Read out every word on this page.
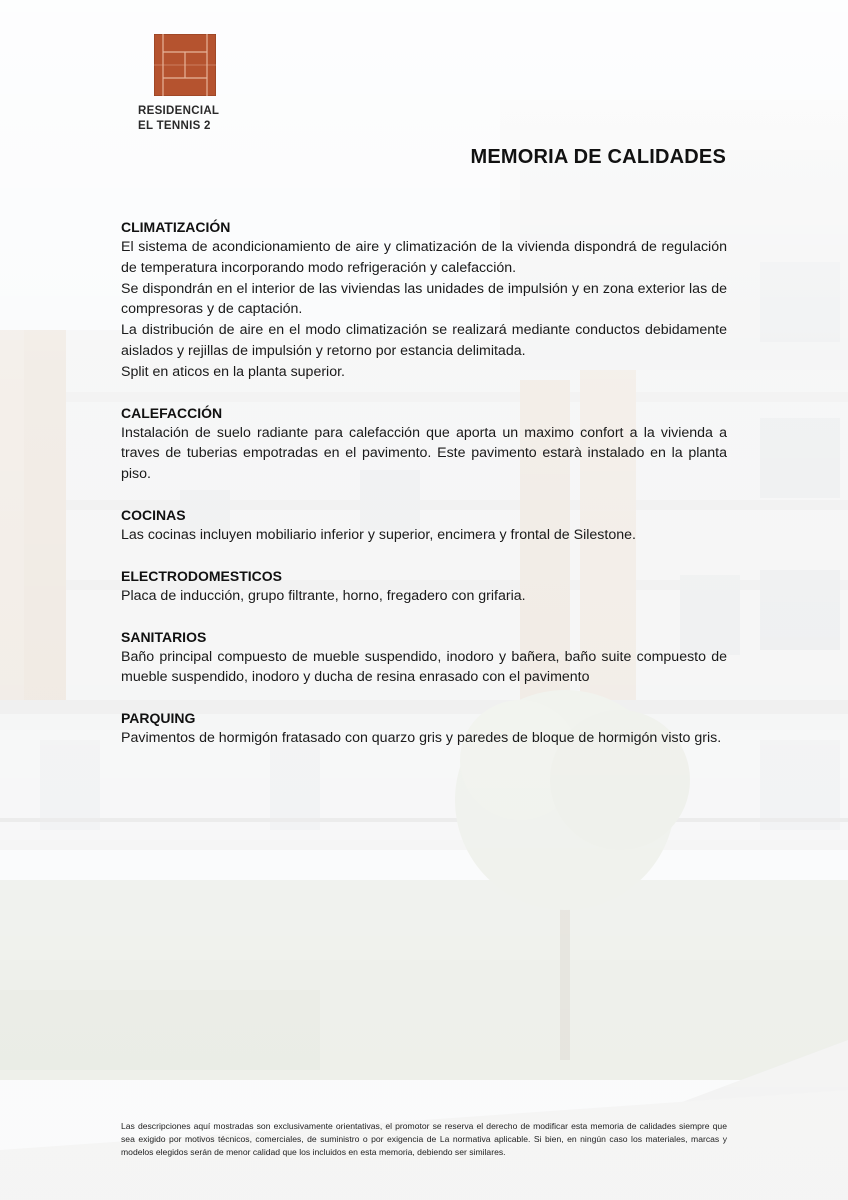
RESIDENCIAL
EL TENNIS 2
MEMORIA DE CALIDADES
CLIMATIZACIÓN

El sistema de acondicionamiento de aire y climatización de la vivienda dispondrá de regulación de temperatura incorporando modo refrigeración y calefacción.

Se dispondrán en el interior de las viviendas las unidades de impulsión y en zona exterior las de compresoras y de captación.

La distribución de aire en el modo climatización se realizará mediante conductos debidamente aislados y rejillas de impulsión y retorno por estancia delimitada.

Split en aticos en la planta superior.

CALEFACCIÓN

Instalación de suelo radiante para calefacción que aporta un maximo confort a la vivienda a traves de tuberias empotradas en el pavimento. Este pavimento estarà instalado en la planta piso.

COCINAS

Las cocinas incluyen mobiliario inferior y superior, encimera y frontal de Silestone.

ELECTRODOMESTICOS

Placa de inducción, grupo filtrante, horno, fregadero con grifaria.

SANITARIOS

Baño principal compuesto de mueble suspendido, inodoro y bañera, baño suite compuesto de mueble suspendido, inodoro y ducha de resina enrasado con el pavimento

PARQUING

Pavimentos de hormigón fratasado con quarzo gris y paredes de bloque de hormigón visto gris.

Las descripciones aquí mostradas son exclusivamente orientativas, el promotor se reserva el derecho de modificar esta memoria de calidades siempre que sea exigido por motivos técnicos, comerciales, de suministro o por exigencia de La normativa aplicable. Si bien, en ningún caso los materiales, marcas y modelos elegidos serán de menor calidad que los incluidos en esta memoria, debiendo ser similares.
